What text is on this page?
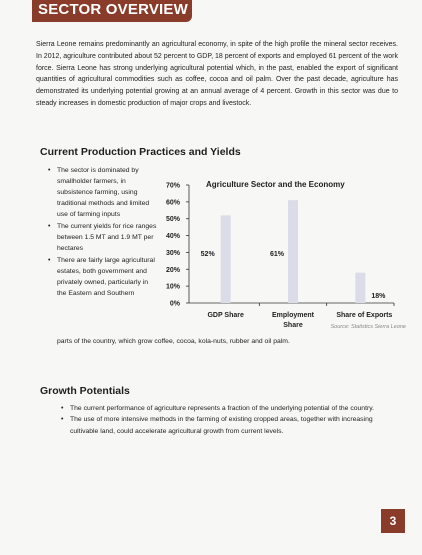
SECTOR OVERVIEW
Sierra Leone remains predominantly an agricultural economy, in spite of the high profile the mineral sector receives. In 2012, agriculture contributed about 52 percent to GDP, 18 percent of exports and employed 61 percent of the work force. Sierra Leone has strong underlying agricultural potential which, in the past, enabled the export of significant quantities of agricultural commodities such as coffee, cocoa and oil palm. Over the past decade, agriculture has demonstrated its underlying potential growing at an annual average of 4 percent. Growth in this sector was due to steady increases in domestic production of major crops and livestock.
Current Production Practices and Yields
• The sector is dominated by smallholder farmers, in subsistence farming, using traditional methods and limited use of farming inputs
• The current yields for rice ranges between 1.5 MT and 1.9 MT per hectares
• There are fairly large agricultural estates, both government and privately owned, particularly in the Eastern and Southern
parts of the country, which grow coffee, cocoa, kola-nuts, rubber and oil palm.
Agriculture Sector and the Economy
0%
10%
20%
30%
40%
50%
60%
70%
52%	61%
18%
GDP Share	Employment
Share
Share of Exports
Source: Statistics Sierra Leone
Growth Potentials
• The current performance of agriculture represents a fraction of the underlying potential of the country.
• The use of more intensive methods in the farming of existing cropped areas, together with increasing cultivable land, could accelerate agricultural growth from current levels.
3
